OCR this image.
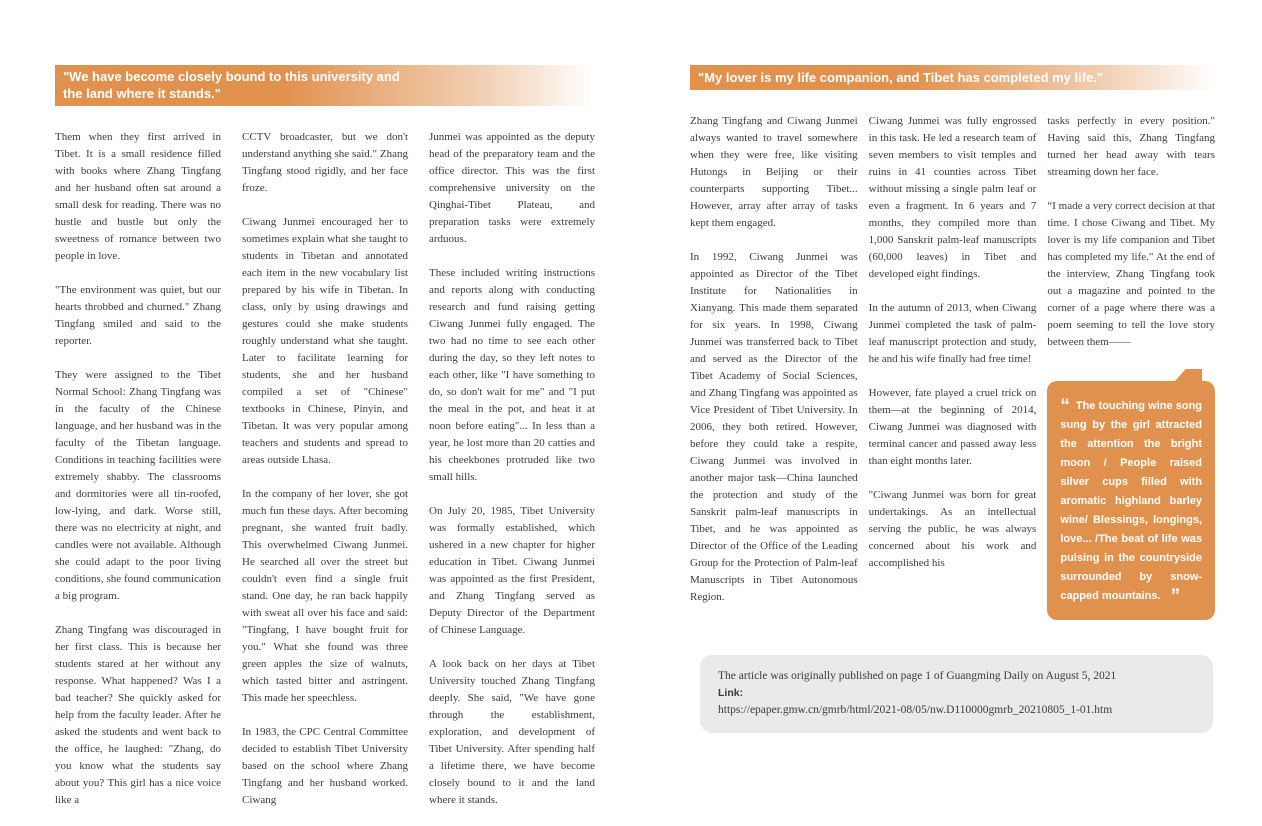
"We have become closely bound to this university and
the land where it stands."

Them when they first arrived in Tibet. It is a small residence filled with books where Zhang Tingfang and her husband often sat around a small desk for reading. There was no hustle and bustle but only the sweetness of romance between two people in love.

"The environment was quiet, but our hearts throbbed and churned." Zhang Tingfang smiled and said to the reporter.

They were assigned to the Tibet Normal School: Zhang Tingfang was in the faculty of the Chinese language, and her husband was in the faculty of the Tibetan language. Conditions in teaching facilities were extremely shabby. The classrooms and dormitories were all tin-roofed, low-lying, and dark. Worse still, there was no electricity at night, and candles were not available. Although she could adapt to the poor living conditions, she found communication a big program.

Zhang Tingfang was discouraged in her first class. This is because her students stared at her without any response. What happened? Was I a bad teacher? She quickly asked for help from the faculty leader. After he asked the students and went back to the office, he laughed: "Zhang, do you know what the students say about you? This girl has a nice voice like a

CCTV broadcaster, but we don't understand anything she said." Zhang Tingfang stood rigidly, and her face froze.

Ciwang Junmei encouraged her to sometimes explain what she taught to students in Tibetan and annotated each item in the new vocabulary list prepared by his wife in Tibetan. In class, only by using drawings and gestures could she make students roughly understand what she taught. Later to facilitate learning for students, she and her husband compiled a set of "Chinese" textbooks in Chinese, Pinyin, and Tibetan. It was very popular among teachers and students and spread to areas outside Lhasa.

In the company of her lover, she got much fun these days. After becoming pregnant, she wanted fruit badly. This overwhelmed Ciwang Junmei. He searched all over the street but couldn't even find a single fruit stand. One day, he ran back happily with sweat all over his face and said: "Tingfang, I have bought fruit for you." What she found was three green apples the size of walnuts, which tasted bitter and astringent. This made her speechless.

In 1983, the CPC Central Committee decided to establish Tibet University based on the school where Zhang Tingfang and her husband worked. Ciwang

Junmei was appointed as the deputy head of the preparatory team and the office director. This was the first comprehensive university on the Qinghai-Tibet Plateau, and preparation tasks were extremely arduous.

These included writing instructions and reports along with conducting research and fund raising getting Ciwang Junmei fully engaged. The two had no time to see each other during the day, so they left notes to each other, like "I have something to do, so don't wait for me" and "I put the meal in the pot, and heat it at noon before eating"... In less than a year, he lost more than 20 catties and his cheekbones protruded like two small hills.

On July 20, 1985, Tibet University was formally established, which ushered in a new chapter for higher education in Tibet. Ciwang Junmei was appointed as the first President, and Zhang Tingfang served as Deputy Director of the Department of Chinese Language.

A look back on her days at Tibet University touched Zhang Tingfang deeply. She said, "We have gone through the establishment, exploration, and development of Tibet University. After spending half a lifetime there, we have become closely bound to it and the land where it stands.

"My lover is my life companion, and Tibet has completed my life."

Zhang Tingfang and Ciwang Junmei always wanted to travel somewhere when they were free, like visiting Hutongs in Beijing or their counterparts supporting Tibet... However, array after array of tasks kept them engaged.

In 1992, Ciwang Junmei was appointed as Director of the Tibet Institute for Nationalities in Xianyang. This made them separated for six years. In 1998, Ciwang Junmei was transferred back to Tibet and served as the Director of the Tibet Academy of Social Sciences, and Zhang Tingfang was appointed as Vice President of Tibet University. In 2006, they both retired. However, before they could take a respite, Ciwang Junmei was involved in another major task—China launched the protection and study of the Sanskrit palm-leaf manuscripts in Tibet, and he was appointed as Director of the Office of the Leading Group for the Protection of Palm-leaf Manuscripts in Tibet Autonomous Region.

Ciwang Junmei was fully engrossed in this task. He led a research team of seven members to visit temples and ruins in 41 counties across Tibet without missing a single palm leaf or even a fragment. In 6 years and 7 months, they compiled more than 1,000 Sanskrit palm-leaf manuscripts (60,000 leaves) in Tibet and developed eight findings.

In the autumn of 2013, when Ciwang Junmei completed the task of palm-leaf manuscript protection and study, he and his wife finally had free time!

However, fate played a cruel trick on them—at the beginning of 2014, Ciwang Junmei was diagnosed with terminal cancer and passed away less than eight months later.

"Ciwang Junmei was born for great undertakings. As an intellectual serving the public, he was always concerned about his work and accomplished his

tasks perfectly in every position." Having said this, Zhang Tingfang turned her head away with tears streaming down her face.

“I made a very correct decision at that time. I chose Ciwang and Tibet. My lover is my life companion and Tibet has completed my life." At the end of the interview, Zhang Tingfang took out a magazine and pointed to the corner of a page where there was a poem seeming to tell the love story between them——

“ The touching wine song sung by the girl attracted the attention the bright moon / People raised silver cups filled with aromatic highland barley wine/ Blessings, longings, love... /The beat of life was pulsing in the countryside surrounded by snow-capped mountains. ”

The article was originally published on page 1 of Guangming Daily on August 5, 2021

Link:

https://epaper.gmw.cn/gmrb/html/2021-08/05/nw.D110000gmrb_20210805_1-01.htm
